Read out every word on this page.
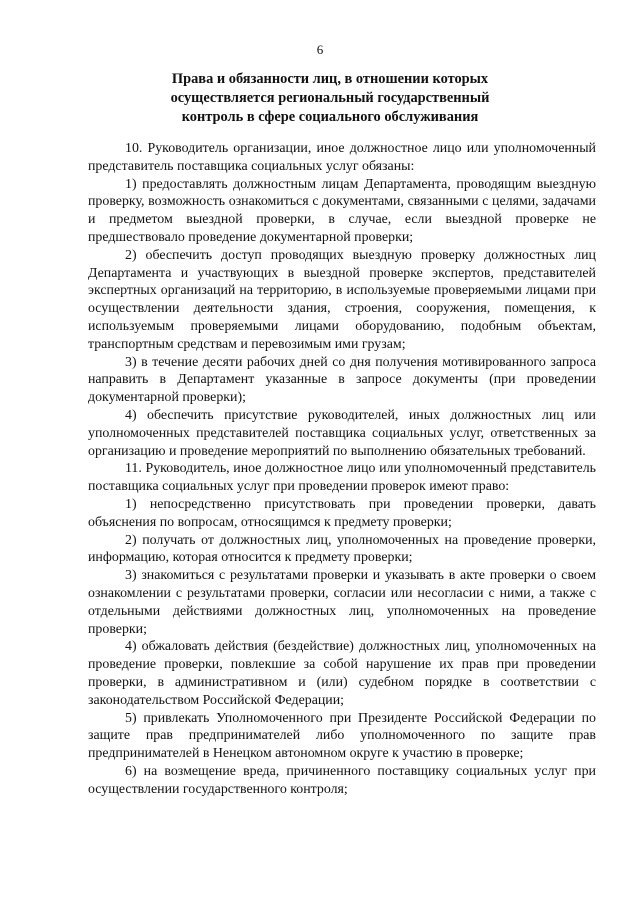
6
Права и обязанности лиц, в отношении которых
осуществляется региональный государственный
контроль в сфере социального обслуживания

10. Руководитель организации, иное должностное лицо или уполномоченный представитель поставщика социальных услуг обязаны:

1) предоставлять должностным лицам Департамента, проводящим выездную проверку, возможность ознакомиться с документами, связанными с целями, задачами и предметом выездной проверки, в случае, если выездной проверке не предшествовало проведение документарной проверки;

2) обеспечить доступ проводящих выездную проверку должностных лиц Департамента и участвующих в выездной проверке экспертов, представителей экспертных организаций на территорию, в используемые проверяемыми лицами при осуществлении деятельности здания, строения, сооружения, помещения, к используемым проверяемыми лицами оборудованию, подобным объектам, транспортным средствам и перевозимым ими грузам;

3) в течение десяти рабочих дней со дня получения мотивированного запроса направить в Департамент указанные в запросе документы (при проведении документарной проверки);

4) обеспечить присутствие руководителей, иных должностных лиц или уполномоченных представителей поставщика социальных услуг, ответственных за организацию и проведение мероприятий по выполнению обязательных требований.

11. Руководитель, иное должностное лицо или уполномоченный представитель поставщика социальных услуг при проведении проверок имеют право:

1) непосредственно присутствовать при проведении проверки, давать объяснения по вопросам, относящимся к предмету проверки;

2) получать от должностных лиц, уполномоченных на проведение проверки, информацию, которая относится к предмету проверки;

3) знакомиться с результатами проверки и указывать в акте проверки о своем ознакомлении с результатами проверки, согласии или несогласии с ними, а также с отдельными действиями должностных лиц, уполномоченных на проведение проверки;

4) обжаловать действия (бездействие) должностных лиц, уполномоченных на проведение проверки, повлекшие за собой нарушение их прав при проведении проверки, в административном и (или) судебном порядке в соответствии с законодательством Российской Федерации;

5) привлекать Уполномоченного при Президенте Российской Федерации по защите прав предпринимателей либо уполномоченного по защите прав предпринимателей в Ненецком автономном округе к участию в проверке;

6) на возмещение вреда, причиненного поставщику социальных услуг при осуществлении государственного контроля;
